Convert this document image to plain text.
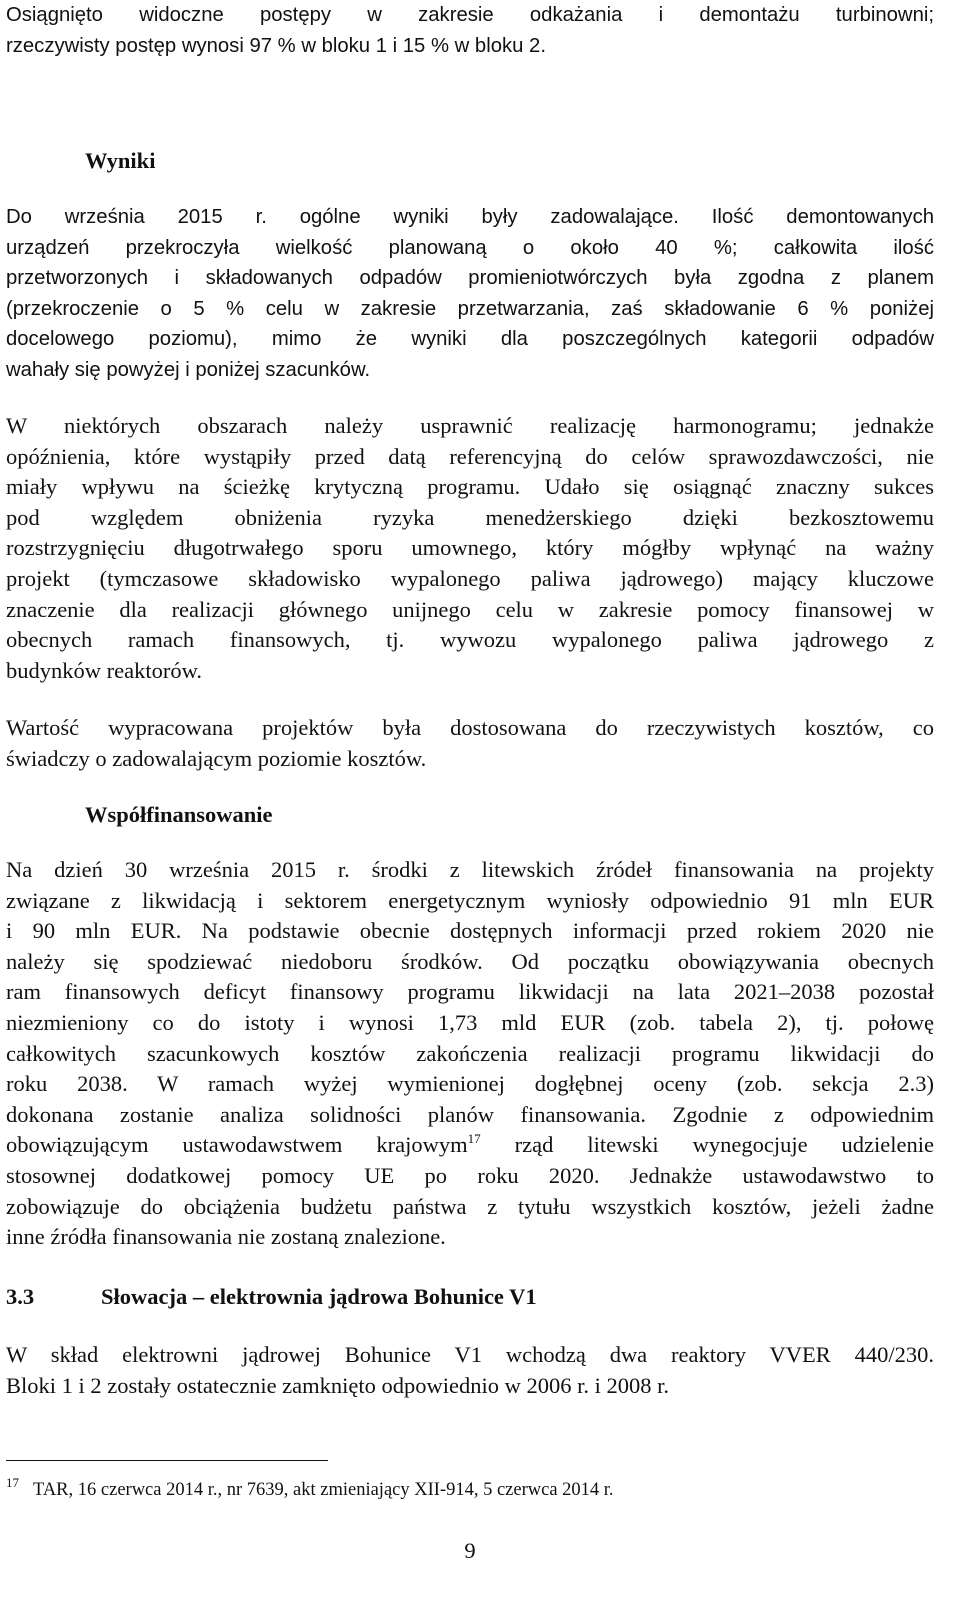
Osiągnięto widoczne postępy w zakresie odkażania i demontażu turbinowni;
rzeczywisty postęp wynosi 97 % w bloku 1 i 15 % w bloku 2.

Wyniki

Do września 2015 r. ogólne wyniki były zadowalające. Ilość demontowanych
urządzeń przekroczyła wielkość planowaną o około 40 %; całkowita ilość
przetworzonych i składowanych odpadów promieniotwórczych była zgodna z planem
(przekroczenie o 5 % celu w zakresie przetwarzania, zaś składowanie 6 % poniżej
docelowego poziomu), mimo że wyniki dla poszczególnych kategorii odpadów
wahały się powyżej i poniżej szacunków.

W niektórych obszarach należy usprawnić realizację harmonogramu; jednakże
opóźnienia, które wystąpiły przed datą referencyjną do celów sprawozdawczości, nie
miały wpływu na ścieżkę krytyczną programu. Udało się osiągnąć znaczny sukces
pod względem obniżenia ryzyka menedżerskiego dzięki bezkosztowemu
rozstrzygnięciu długotrwałego sporu umownego, który mógłby wpłynąć na ważny
projekt (tymczasowe składowisko wypalonego paliwa jądrowego) mający kluczowe
znaczenie dla realizacji głównego unijnego celu w zakresie pomocy finansowej w
obecnych ramach finansowych, tj. wywozu wypalonego paliwa jądrowego z
budynków reaktorów.

Wartość wypracowana projektów była dostosowana do rzeczywistych kosztów, co
świadczy o zadowalającym poziomie kosztów.

Współfinansowanie

Na dzień 30 września 2015 r. środki z litewskich źródeł finansowania na projekty
związane z likwidacją i sektorem energetycznym wyniosły odpowiednio 91 mln EUR
i 90 mln EUR. Na podstawie obecnie dostępnych informacji przed rokiem 2020 nie
należy się spodziewać niedoboru środków. Od początku obowiązywania obecnych
ram finansowych deficyt finansowy programu likwidacji na lata 2021–2038 pozostał
niezmieniony co do istoty i wynosi 1,73 mld EUR (zob. tabela 2), tj. połowę
całkowitych szacunkowych kosztów zakończenia realizacji programu likwidacji do
roku 2038. W ramach wyżej wymienionej dogłębnej oceny (zob. sekcja 2.3)
dokonana zostanie analiza solidności planów finansowania. Zgodnie z odpowiednim
obowiązującym ustawodawstwem krajowym$^{17}$ rząd litewski wynegocjuje udzielenie
stosownej dodatkowej pomocy UE po roku 2020. Jednakże ustawodawstwo to
zobowiązuje do obciążenia budżetu państwa z tytułu wszystkich kosztów, jeżeli żadne
inne źródła finansowania nie zostaną znalezione.

3.3	Słowacja – elektrownia jądrowa Bohunice V1

W skład elektrowni jądrowej Bohunice V1 wchodzą dwa reaktory VVER 440/230.
Bloki 1 i 2 zostały ostatecznie zamknięto odpowiednio w 2006 r. i 2008 r.

$^{17}$ TAR, 16 czerwca 2014 r., nr 7639, akt zmieniający XII-914, 5 czerwca 2014 r.
9
